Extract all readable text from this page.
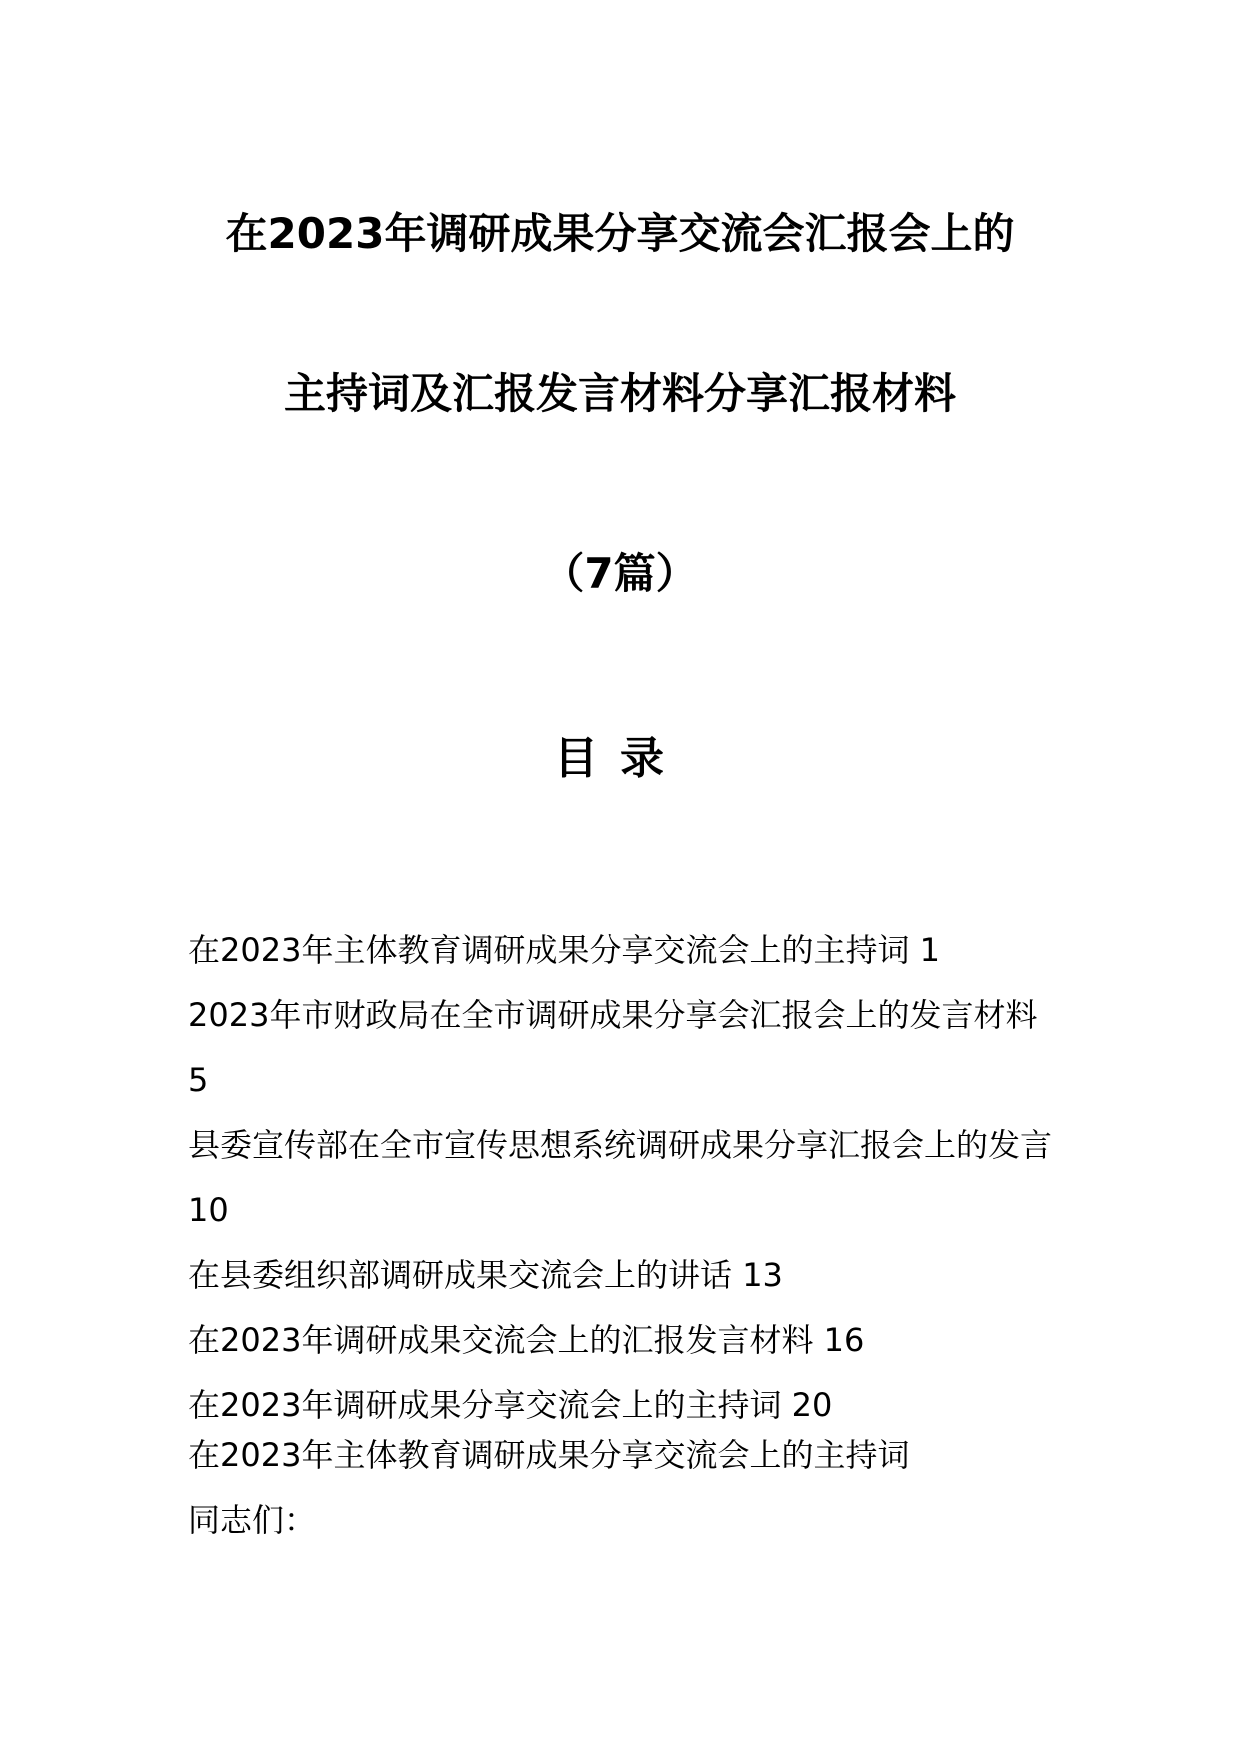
在2023年调研成果分享交流会汇报会上的
主持词及汇报发言材料分享汇报材料
（7篇）
目录
在2023年主体教育调研成果分享交流会上的主持词 1
2023年市财政局在全市调研成果分享会汇报会上的发言材料 5
县委宣传部在全市宣传思想系统调研成果分享汇报会上的发言 10
在县委组织部调研成果交流会上的讲话 13
在2023年调研成果交流会上的汇报发言材料 16
在2023年调研成果分享交流会上的主持词 20
在2023年主体教育调研成果分享交流会上的主持词
同志们：
